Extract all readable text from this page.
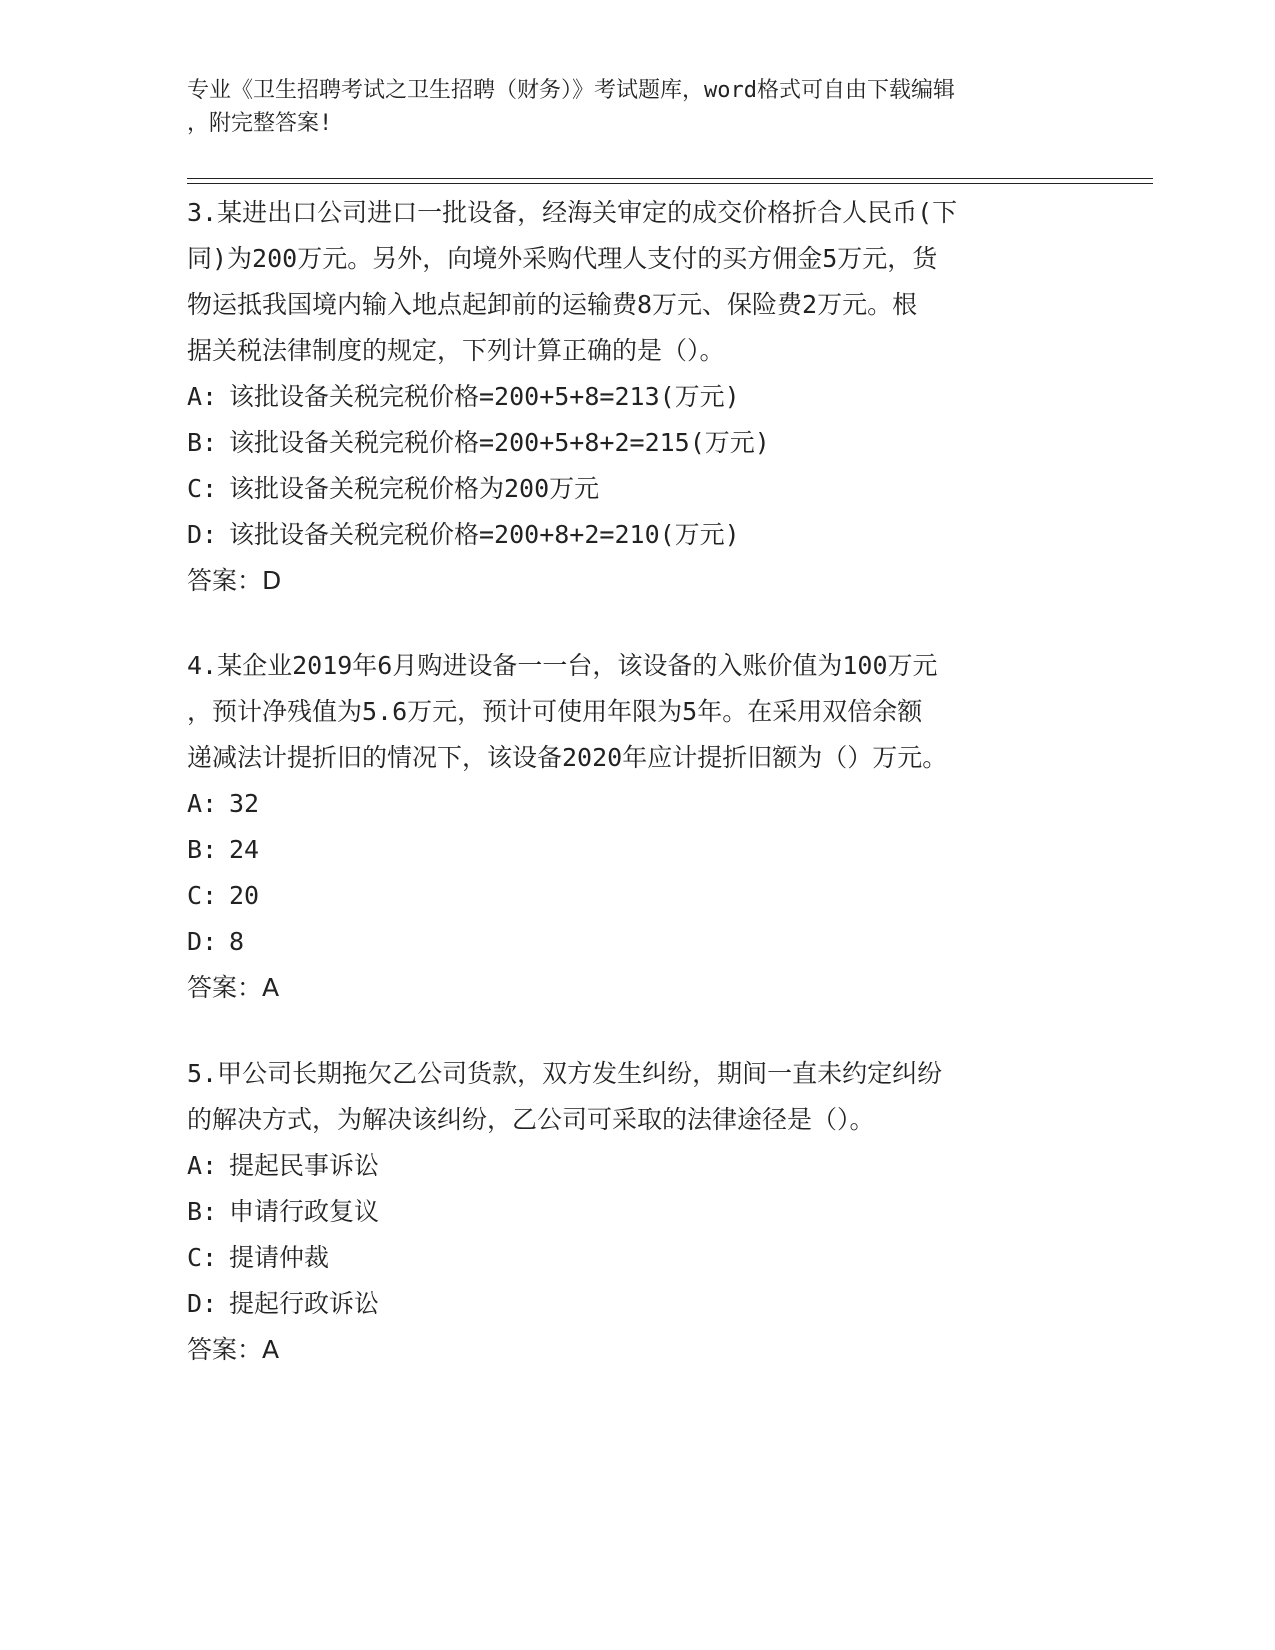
专业《卫生招聘考试之卫生招聘（财务）》考试题库，word格式可自由下载编辑
，附完整答案!
3.某进出口公司进口一批设备，经海关审定的成交价格折合人民币(下
同)为200万元。另外，向境外采购代理人支付的买方佣金5万元，货
物运抵我国境内输入地点起卸前的运输费8万元、保险费2万元。根
据关税法律制度的规定，下列计算正确的是（）。
A: 该批设备关税完税价格=200+5+8=213(万元)
B: 该批设备关税完税价格=200+5+8+2=215(万元)
C: 该批设备关税完税价格为200万元
D: 该批设备关税完税价格=200+8+2=210(万元)
答案：D
4.某企业2019年6月购进设备一一台，该设备的入账价值为100万元
，预计净残值为5.6万元，预计可使用年限为5年。在采用双倍余额
递减法计提折旧的情况下，该设备2020年应计提折旧额为（）万元。
A: 32
B: 24
C: 20
D: 8
答案：A
5.甲公司长期拖欠乙公司货款，双方发生纠纷，期间一直未约定纠纷
的解决方式，为解决该纠纷，乙公司可采取的法律途径是（）。
A: 提起民事诉讼
B: 申请行政复议
C: 提请仲裁
D: 提起行政诉讼
答案：A
